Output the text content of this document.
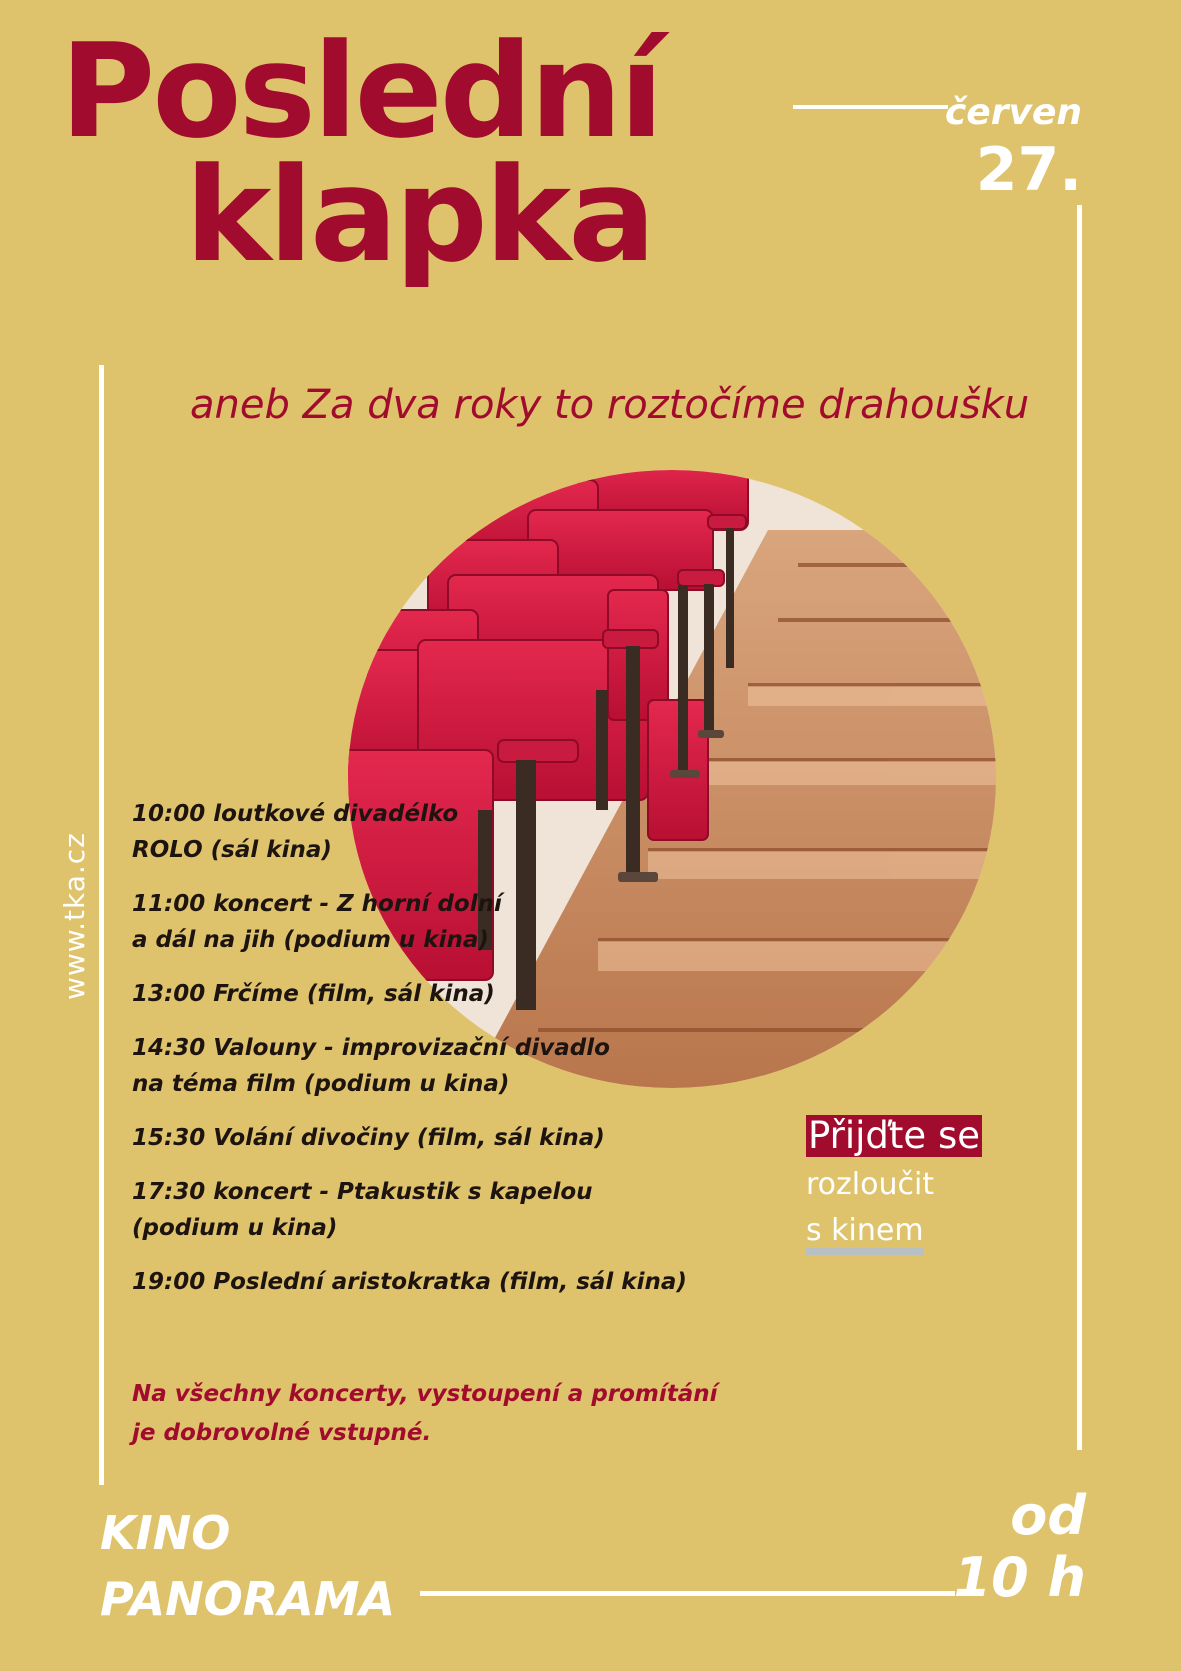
Poslední
klapka

aneb Za dva roky to roztočíme drahoušku

červen

27.

www.tka.cz

10:00 loutkové divadélko
ROLO (sál kina)
11:00 koncert - Z horní dolní
a dál na jih (podium u kina)
13:00 Frčíme (film, sál kina)
14:30 Valouny - improvizační divadlo
na téma film (podium u kina)
15:30 Volání divočiny (film, sál kina)
17:30 koncert - Ptakustik s kapelou
(podium u kina)
19:00 Poslední aristokratka (film, sál kina)
Přijďte se
rozloučit
s kinem

Na všechny koncerty, vystoupení a promítání
je dobrovolné vstupné.

KINO
PANORAMA

od
10 h
